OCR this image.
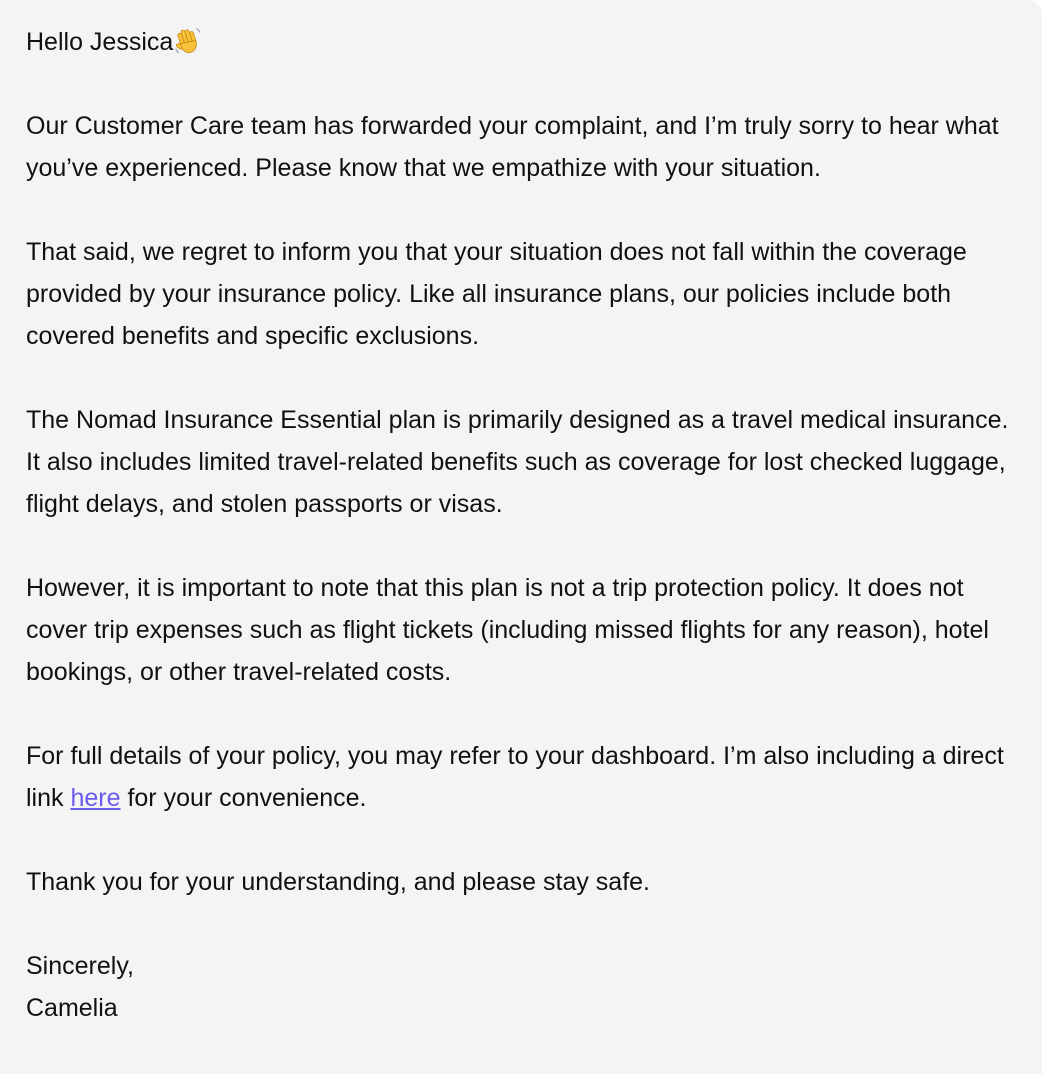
Hello Jessica

Our Customer Care team has forwarded your complaint, and I’m truly sorry to hear what you’ve experienced. Please know that we empathize with your situation.

That said, we regret to inform you that your situation does not fall within the coverage provided by your insurance policy. Like all insurance plans, our policies include both covered benefits and specific exclusions.

The Nomad Insurance Essential plan is primarily designed as a travel medical insurance. It also includes limited travel-related benefits such as coverage for lost checked luggage, flight delays, and stolen passports or visas.

However, it is important to note that this plan is not a trip protection policy. It does not cover trip expenses such as flight tickets (including missed flights for any reason), hotel bookings, or other travel-related costs.

For full details of your policy, you may refer to your dashboard. I’m also including a direct link here for your convenience.

Thank you for your understanding, and please stay safe.

Sincerely,
Camelia
